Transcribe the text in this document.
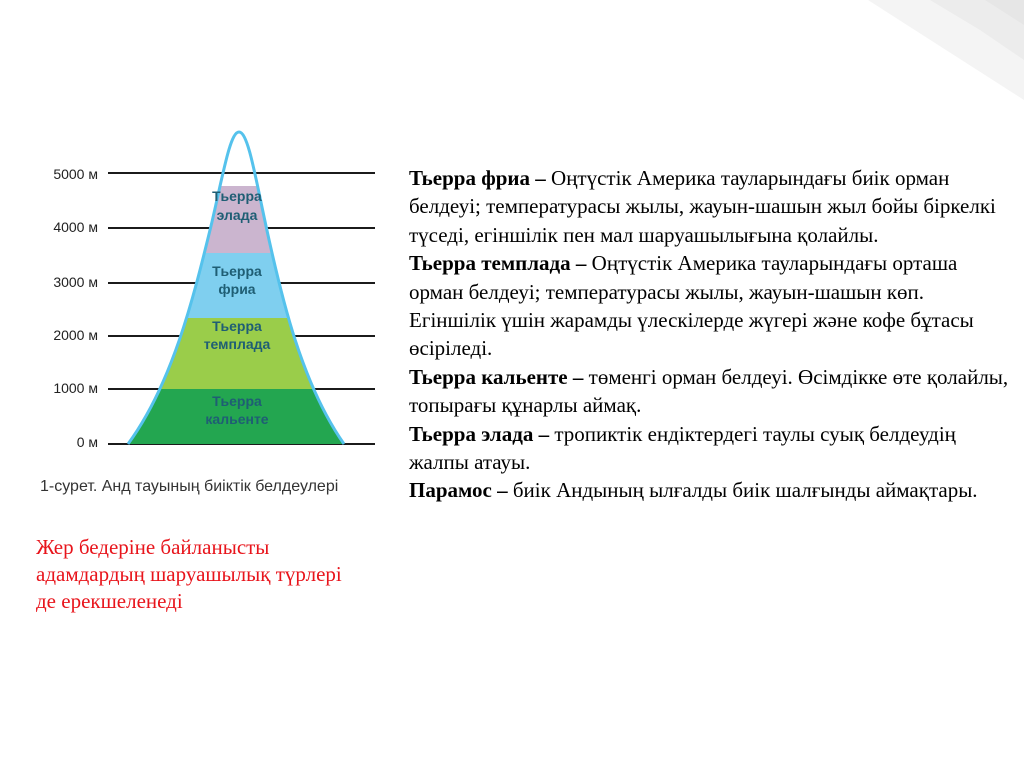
5000 м
4000 м
3000 м
2000 м
1000 м
0 м
Тьерра
элада
Тьерра
фриа
Тьерра
темплада
Тьерра
кальенте
1-сурет. Анд тауының биіктік белдеулері
Жер бедеріне байланысты адамдардың шаруашылық түрлері де ерекшеленеді

Тьерра фриа – Оңтүстік Америка тауларындағы биік орман белдеуі; температурасы жылы, жауын-шашын жыл бойы біркелкі түседі, егіншілік пен мал шаруашылығына қолайлы.

Тьерра темплада – Оңтүстік Америка тауларындағы орташа орман белдеуі; температурасы жылы, жауын-шашын көп.

Егіншілік үшін жарамды үлескілерде жүгері және кофе бұтасы өсіріледі.

Тьерра кальенте – төменгі орман белдеуі. Өсімдікке өте қолайлы, топырағы құнарлы аймақ.

Тьерра элада – тропиктік ендіктердегі таулы суық белдеудің жалпы атауы.

Парамос – биік Андының ылғалды биік шалғынды аймақтары.
